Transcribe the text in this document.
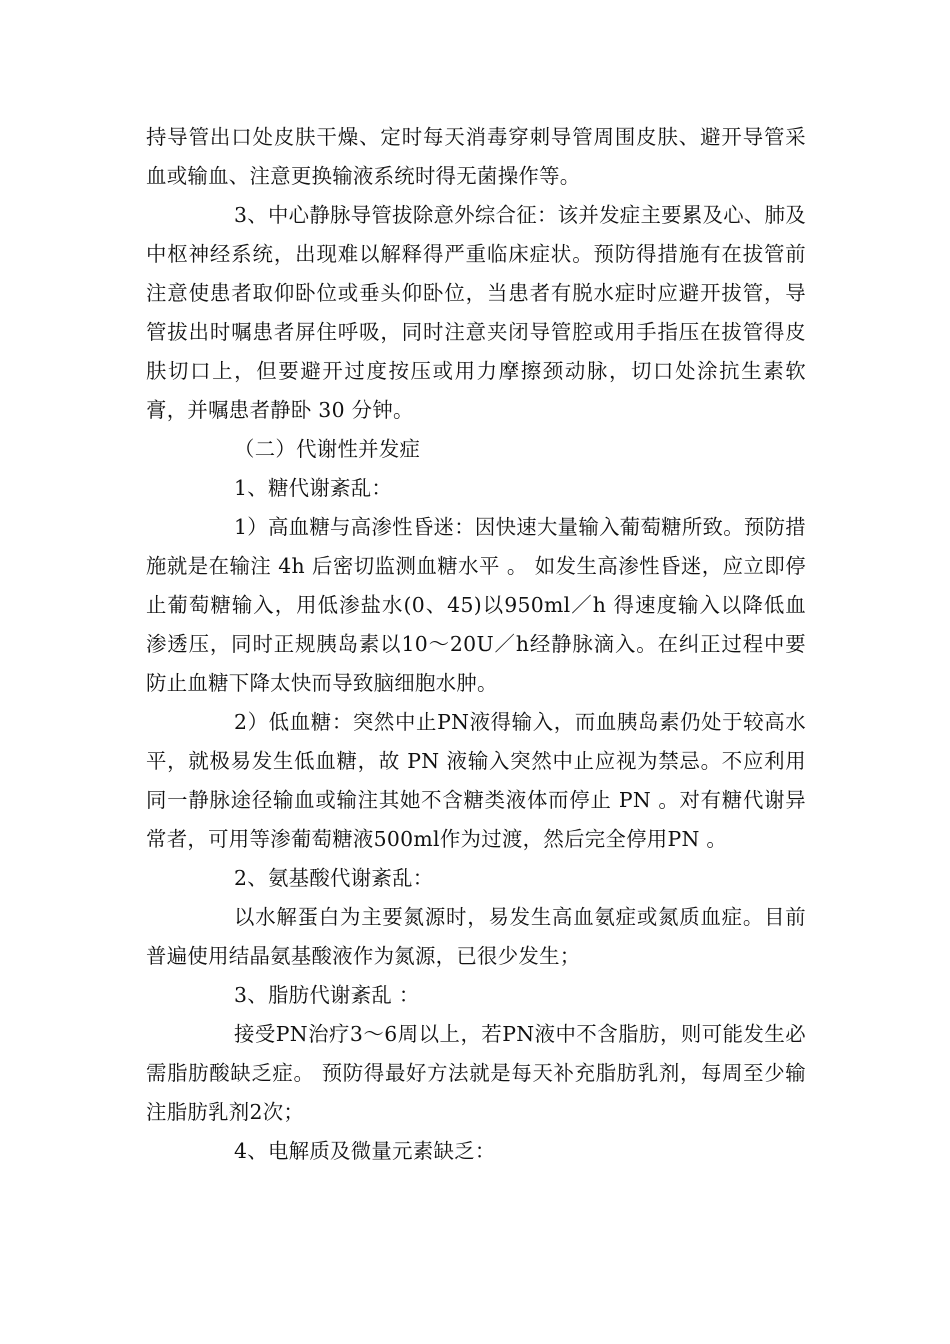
持导管出口处皮肤干燥、定时每天消毒穿刺导管周围皮肤、避开导管采血或输血、注意更换输液系统时得无菌操作等。

3、中心静脉导管拔除意外综合征：该并发症主要累及心、肺及中枢神经系统，出现难以解释得严重临床症状。预防得措施有在拔管前注意使患者取仰卧位或垂头仰卧位，当患者有脱水症时应避开拔管，导管拔出时嘱患者屏住呼吸，同时注意夹闭导管腔或用手指压在拔管得皮肤切口上，但要避开过度按压或用力摩擦颈动脉，切口处涂抗生素软膏，并嘱患者静卧 30 分钟。

（二）代谢性并发症

1、糖代谢紊乱：

1）高血糖与高渗性昏迷：因快速大量输入葡萄糖所致。预防措施就是在输注 4h 后密切监测血糖水平 。 如发生高渗性昏迷，应立即停止葡萄糖输入，用低渗盐水(0、45)以950ml／h 得速度输入以降低血渗透压，同时正规胰岛素以10～20U／h经静脉滴入。在纠正过程中要防止血糖下降太快而导致脑细胞水肿。

2）低血糖：突然中止PN液得输入，而血胰岛素仍处于较高水平，就极易发生低血糖，故 PN 液输入突然中止应视为禁忌。不应利用同一静脉途径输血或输注其她不含糖类液体而停止 PN 。对有糖代谢异常者，可用等渗葡萄糖液500ml作为过渡，然后完全停用PN 。

2、氨基酸代谢紊乱：

以水解蛋白为主要氮源时，易发生高血氨症或氮质血症。目前普遍使用结晶氨基酸液作为氮源，已很少发生；

3、脂肪代谢紊乱 ：

接受PN治疗3～6周以上，若PN液中不含脂肪，则可能发生必需脂肪酸缺乏症。 预防得最好方法就是每天补充脂肪乳剂，每周至少输注脂肪乳剂2次；

4、电解质及微量元素缺乏：
